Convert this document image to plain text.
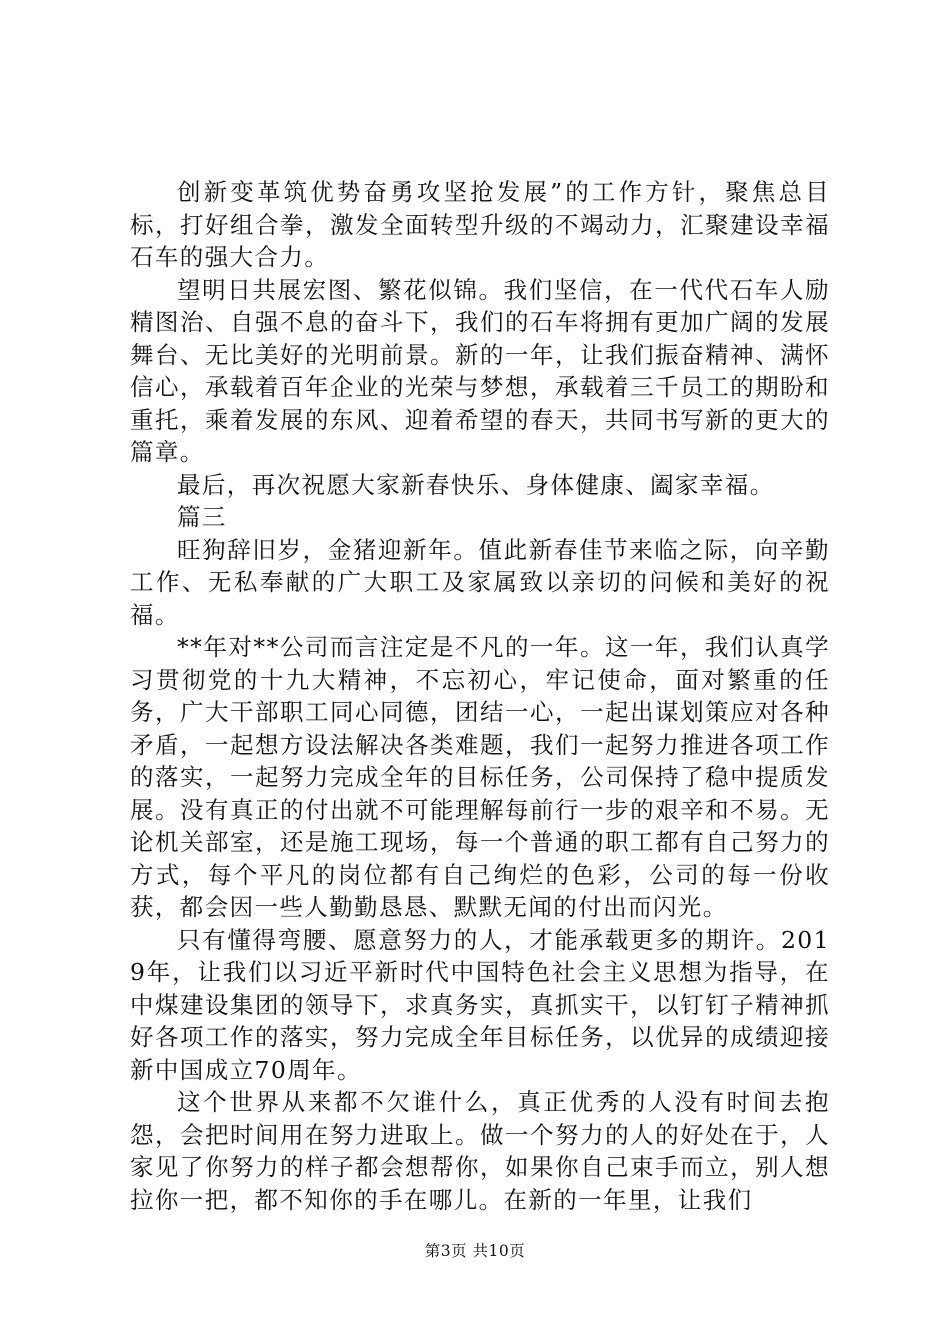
创新变革筑优势奋勇攻坚抢发展”的工作方针，聚焦总目标，打好组合拳，激发全面转型升级的不竭动力，汇聚建设幸福石车的强大合力。

望明日共展宏图、繁花似锦。我们坚信，在一代代石车人励精图治、自强不息的奋斗下，我们的石车将拥有更加广阔的发展舞台、无比美好的光明前景。新的一年，让我们振奋精神、满怀信心，承载着百年企业的光荣与梦想，承载着三千员工的期盼和重托，乘着发展的东风、迎着希望的春天，共同书写新的更大的篇章。

最后，再次祝愿大家新春快乐、身体健康、阖家幸福。

篇三

旺狗辞旧岁，金猪迎新年。值此新春佳节来临之际，向辛勤工作、无私奉献的广大职工及家属致以亲切的问候和美好的祝福。

**年对**公司而言注定是不凡的一年。这一年，我们认真学习贯彻党的十九大精神，不忘初心，牢记使命，面对繁重的任务，广大干部职工同心同德，团结一心，一起出谋划策应对各种矛盾，一起想方设法解决各类难题，我们一起努力推进各项工作的落实，一起努力完成全年的目标任务，公司保持了稳中提质发展。没有真正的付出就不可能理解每前行一步的艰辛和不易。无论机关部室，还是施工现场，每一个普通的职工都有自己努力的方式，每个平凡的岗位都有自己绚烂的色彩，公司的每一份收获，都会因一些人勤勤恳恳、默默无闻的付出而闪光。

只有懂得弯腰、愿意努力的人，才能承载更多的期许。2019年，让我们以习近平新时代中国特色社会主义思想为指导，在中煤建设集团的领导下，求真务实，真抓实干，以钉钉子精神抓好各项工作的落实，努力完成全年目标任务，以优异的成绩迎接新中国成立70周年。

这个世界从来都不欠谁什么，真正优秀的人没有时间去抱怨，会把时间用在努力进取上。做一个努力的人的好处在于，人家见了你努力的样子都会想帮你，如果你自己束手而立，别人想拉你一把，都不知你的手在哪儿。在新的一年里，让我们

第3页 共10页
